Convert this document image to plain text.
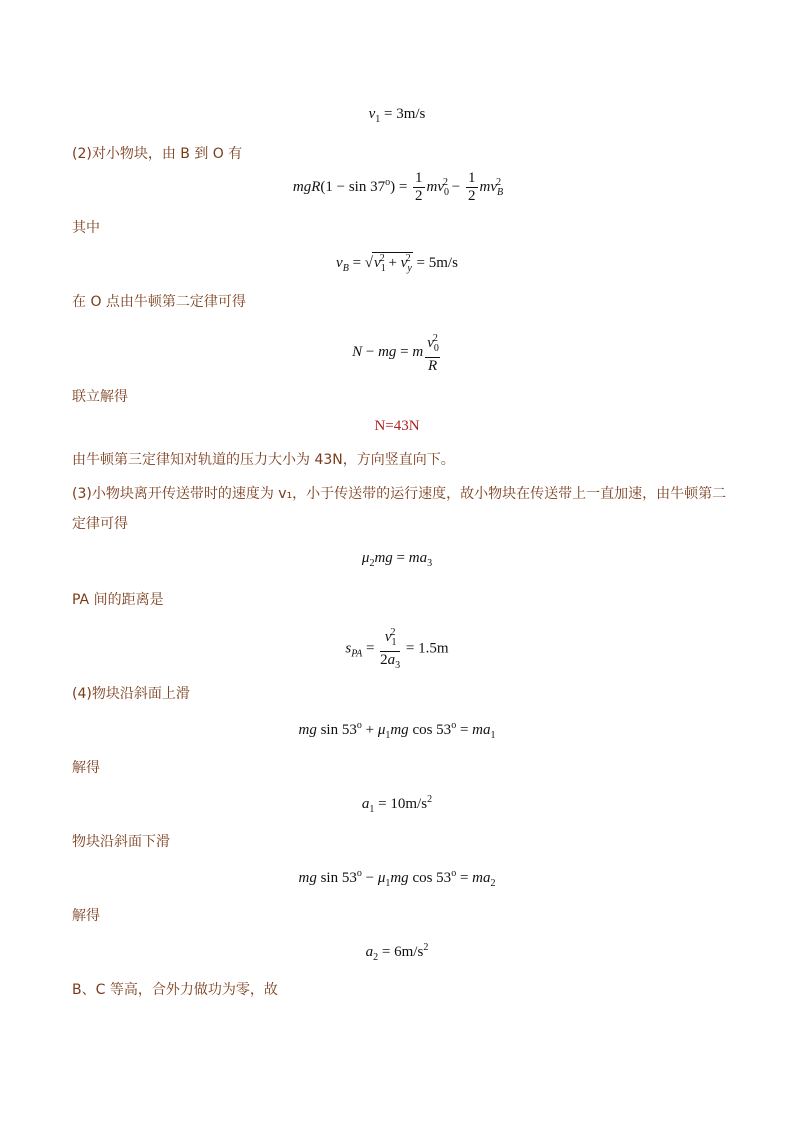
$v_1 = 3m/s$
(2)对小物块，由 B 到 O 有
$mgR(1 - \sin 37^o) = \frac{1}{2} mv_0^2 - \frac{1}{2} mv_B^2$
其中
$v_B = √v_1^2 + v_y^2 = 5m/s$
在 O 点由牛顿第二定律可得
N − mg = m $\frac{v_0^2}{R}$
联立解得
N=43N
由牛顿第三定律知对轨道的压力大小为 43N，方向竖直向下。
(3)小物块离开传送带时的速度为 v₁，小于传送带的运行速度，故小物块在传送带上一直加速，由牛顿第二
定律可得
$\mu_2mg = ma_3$
PA 间的距离是
$s_{PA} = \frac{v_1^2}{2a_3} = 1.5m$
(4)物块沿斜面上滑
mg $\sin 53^o + \mu_1mg$ $\cos 53^o = ma_1$
解得
$a_1 = 10m/s^2$
物块沿斜面下滑
mg $\sin 53^o - \mu_1mg$ $\cos 53^o = ma_2$
解得
$a_2 = 6m/s^2$
B、C 等高，合外力做功为零，故
